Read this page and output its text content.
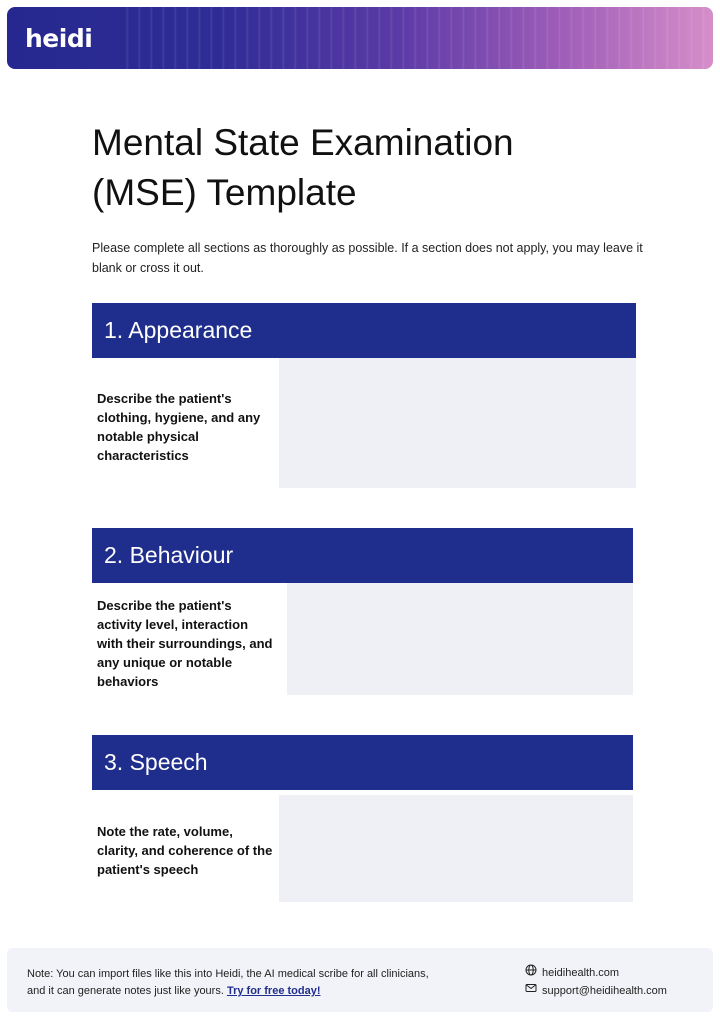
heidi
Mental State Examination
(MSE) Template
Please complete all sections as thoroughly as possible. If a section does not apply, you may leave it blank or cross it out.
1. Appearance
Describe the patient's clothing, hygiene, and any notable physical characteristics
2. Behaviour
Describe the patient's activity level, interaction with their surroundings, and any unique or notable behaviors
3. Speech
Note the rate, volume, clarity, and coherence of the patient's speech
Note: You can import files like this into Heidi, the AI medical scribe for all clinicians, and it can generate notes just like yours. Try for free today!
heidihealth.com
support@heidihealth.com
